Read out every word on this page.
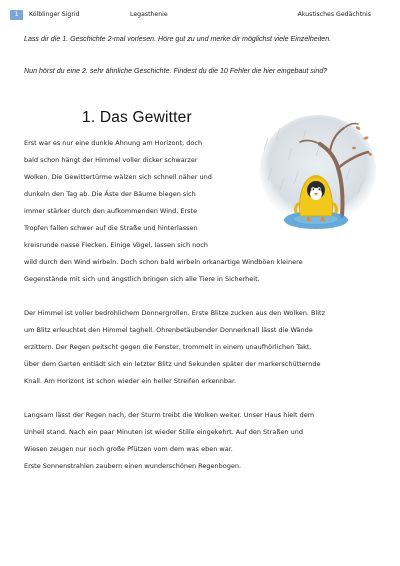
1	Kölblinger Sigrid	Legasthenie	Akustisches Gedächtnis
Lass dir die 1. Geschichte 2-mal vorlesen. Höre gut zu und merke dir möglichst viele Einzelheiten.
Nun hörst du eine 2. sehr ähnliche Geschichte. Findest du die 10 Fehler die hier eingebaut sind?
1. Das Gewitter
Erst war es nur eine dunkle Ahnung am Horizont, doch
bald schon hängt der Himmel voller dicker schwarzer
Wolken. Die Gewittertürme wälzen sich schnell näher und
dunkeln den Tag ab. Die Äste der Bäume biegen sich
immer stärker durch den aufkommenden Wind. Erste
Tropfen fallen schwer auf die Straße und hinterlassen
kreisrunde nasse Flecken. Einige Vögel, lassen sich noch
wild durch den Wind wirbeln. Doch schon bald wirbeln orkanartige Windböen kleinere
Gegenstände mit sich und ängstlich bringen sich alle Tiere in Sicherheit.
Der Himmel ist voller bedrohlichem Donnergrollen. Erste Blitze zucken aus den Wolken. Blitz
um Blitz erleuchtet den Himmel taghell. Ohrenbetäubender Donnerknall lässt die Wände
erzittern. Der Regen peitscht gegen die Fenster, trommelt in einem unaufhörlichen Takt.
Über dem Garten entlädt sich ein letzter Blitz und Sekunden später der markerschütternde
Knall. Am Horizont ist schon wieder ein heller Streifen erkennbar.
Langsam lässt der Regen nach, der Sturm treibt die Wolken weiter. Unser Haus hielt dem
Unheil stand. Nach ein paar Minuten ist wieder Stille eingekehrt. Auf den Straßen und
Wiesen zeugen nur noch große Pfützen vom dem was eben war.
Erste Sonnenstrahlen zaubern einen wunderschönen Regenbogen.
